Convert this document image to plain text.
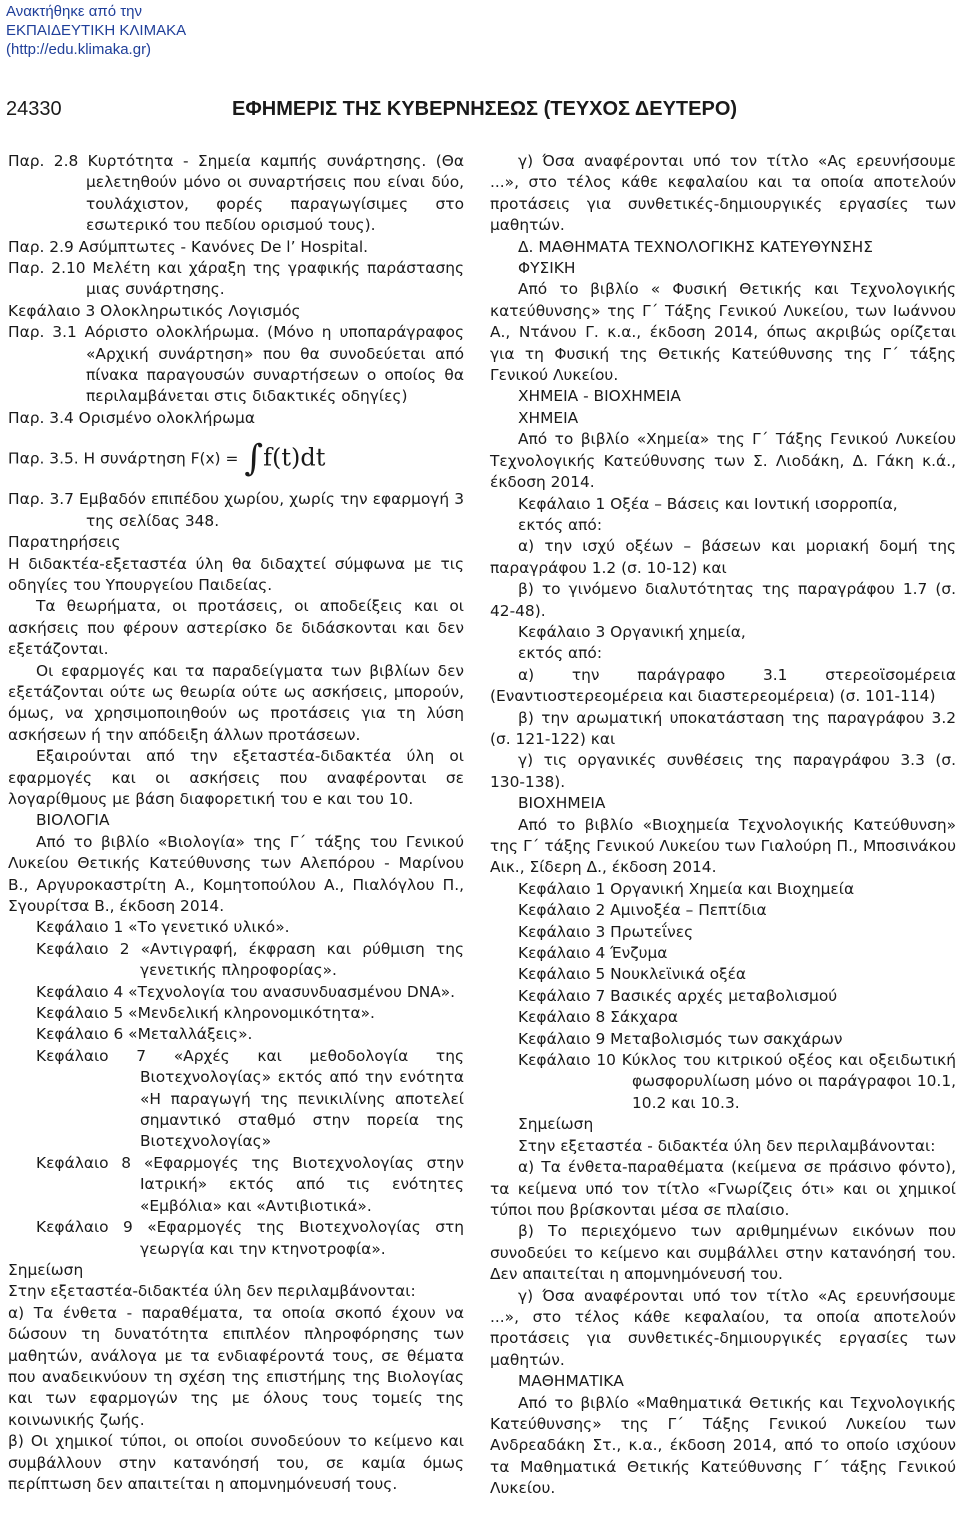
Ανακτήθηκε από την
ΕΚΠΑΙΔΕΥΤΙΚΗ ΚΛΙΜΑΚΑ
(http://edu.klimaka.gr)
24330	ΕΦΗΜΕΡΙΣ ΤΗΣ ΚΥΒΕΡΝΗΣΕΩΣ (ΤΕΥΧΟΣ ΔΕΥΤΕΡΟ)

Παρ. 2.8 Κυρτότητα - Σημεία καμπής συνάρτησης. (Θα μελετηθούν μόνο οι συναρτήσεις που είναι δύο, τουλάχιστον, φορές παραγωγίσιμες στο εσωτερικό του πεδίου ορισμού τους).

Παρ. 2.9 Ασύμπτωτες - Κανόνες De l’ Hospital.

Παρ. 2.10 Μελέτη και χάραξη της γραφικής παράστασης μιας συνάρτησης.

Κεφάλαιο 3 Ολοκληρωτικός Λογισμός

Παρ. 3.1 Αόριστο ολοκλήρωμα. (Μόνο η υποπαράγραφος «Αρχική συνάρτηση» που θα συνοδεύεται από πίνακα παραγουσών συναρτήσεων ο οποίος θα περιλαμβάνεται στις διδακτικές οδηγίες)

Παρ. 3.4 Ορισμένο ολοκλήρωμα

Παρ. 3.5. Η συνάρτηση F(x) = ∫f(t)dt

Παρ. 3.7 Εμβαδόν επιπέδου χωρίου, χωρίς την εφαρμογή 3 της σελίδας 348.

Παρατηρήσεις

Η διδακτέα-εξεταστέα ύλη θα διδαχτεί σύμφωνα με τις οδηγίες του Υπουργείου Παιδείας.

Τα θεωρήματα, οι προτάσεις, οι αποδείξεις και οι ασκήσεις που φέρουν αστερίσκο δε διδάσκονται και δεν εξετάζονται.

Οι εφαρμογές και τα παραδείγματα των βιβλίων δεν εξετάζονται ούτε ως θεωρία ούτε ως ασκήσεις, μπορούν, όμως, να χρησιμοποιηθούν ως προτάσεις για τη λύση ασκήσεων ή την απόδειξη άλλων προτάσεων.

Εξαιρούνται από την εξεταστέα-διδακτέα ύλη οι εφαρμογές και οι ασκήσεις που αναφέρονται σε λογαρίθμους με βάση διαφορετική του e και του 10.

ΒΙΟΛΟΓΙΑ

Από το βιβλίο «Βιολογία» της Γ΄ τάξης του Γενικού Λυκείου Θετικής Κατεύθυνσης των Αλεπόρου - Μαρίνου Β., Αργυροκαστρίτη Α., Κομητοπούλου Α., Πιαλόγλου Π., Σγουρίτσα Β., έκδοση 2014.

Κεφάλαιο 1 «Το γενετικό υλικό».

Κεφάλαιο 2 «Αντιγραφή, έκφραση και ρύθμιση της γενετικής πληροφορίας».

Κεφάλαιο 4 «Τεχνολογία του ανασυνδυασμένου DNA».

Κεφάλαιο 5 «Μενδελική κληρονομικότητα».

Κεφάλαιο 6 «Μεταλλάξεις».

Κεφάλαιο 7 «Αρχές και μεθοδολογία της Βιοτεχνολογίας» εκτός από την ενότητα «Η παραγωγή της πενικιλίνης αποτελεί σημαντικό σταθμό στην πορεία της Βιοτεχνολογίας»

Κεφάλαιο 8 «Εφαρμογές της Βιοτεχνολογίας στην Ιατρική» εκτός από τις ενότητες «Εμβόλια» και «Αντιβιοτικά».

Κεφάλαιο 9 «Εφαρμογές της Βιοτεχνολογίας στη γεωργία και την κτηνοτροφία».

Σημείωση

Στην εξεταστέα-διδακτέα ύλη δεν περιλαμβάνονται:

α) Τα ένθετα - παραθέματα, τα οποία σκοπό έχουν να δώσουν τη δυνατότητα επιπλέον πληροφόρησης των μαθητών, ανάλογα με τα ενδιαφέροντά τους, σε θέματα που αναδεικνύουν τη σχέση της επιστήμης της Βιολογίας και των εφαρμογών της με όλους τους τομείς της κοινωνικής ζωής.

β) Οι χημικοί τύποι, οι οποίοι συνοδεύουν το κείμενο και συμβάλλουν στην κατανόησή του, σε καμία όμως περίπτωση δεν απαιτείται η απομνημόνευσή τους.

γ) Όσα αναφέρονται υπό τον τίτλο «Ας ερευνήσουμε ...», στο τέλος κάθε κεφαλαίου και τα οποία αποτελούν προτάσεις για συνθετικές-δημιουργικές εργασίες των μαθητών.

Δ. ΜΑΘΗΜΑΤΑ ΤΕΧΝΟΛΟΓΙΚΗΣ ΚΑΤΕΥΘΥΝΣΗΣ

ΦΥΣΙΚΗ

Από το βιβλίο « Φυσική Θετικής και Τεχνολογικής κατεύθυνσης» της Γ΄ Τάξης Γενικού Λυκείου, των Ιωάννου Α., Ντάνου Γ. κ.α., έκδοση 2014, όπως ακριβώς ορίζεται για τη Φυσική της Θετικής Κατεύθυνσης της Γ΄ τάξης Γενικού Λυκείου.

ΧΗΜΕΙΑ - ΒΙΟΧΗΜΕΙΑ

ΧΗΜΕΙΑ

Από το βιβλίο «Χημεία» της Γ΄ Τάξης Γενικού Λυκείου Τεχνολογικής Κατεύθυνσης των Σ. Λιοδάκη, Δ. Γάκη κ.ά., έκδοση 2014.

Κεφάλαιο 1 Οξέα – Βάσεις και Ιοντική ισορροπία,

εκτός από:

α) την ισχύ οξέων – βάσεων και μοριακή δομή της παραγράφου 1.2 (σ. 10-12) και

β) το γινόμενο διαλυτότητας της παραγράφου 1.7 (σ. 42-48).

Κεφάλαιο 3 Οργανική χημεία,

εκτός από:

α) την παράγραφο 3.1 στερεοϊσομέρεια (Εναντιοστερεομέρεια και διαστερεομέρεια) (σ. 101-114)

β) την αρωματική υποκατάσταση της παραγράφου 3.2 (σ. 121-122) και

γ) τις οργανικές συνθέσεις της παραγράφου 3.3 (σ. 130-138).

ΒΙΟΧΗΜΕΙΑ

Από το βιβλίο «Βιοχημεία Τεχνολογικής Κατεύθυνση» της Γ΄ τάξης Γενικού Λυκείου των Γιαλούρη Π., Μποσινάκου Αικ., Σίδερη Δ., έκδοση 2014.

Κεφάλαιο 1 Οργανική Χημεία και Βιοχημεία

Κεφάλαιο 2 Αμινοξέα – Πεπτίδια

Κεφάλαιο 3 Πρωτεΐνες

Κεφάλαιο 4 Ένζυμα

Κεφάλαιο 5 Νουκλεϊνικά οξέα

Κεφάλαιο 7 Βασικές αρχές μεταβολισμού

Κεφάλαιο 8 Σάκχαρα

Κεφάλαιο 9 Μεταβολισμός των σακχάρων

Κεφάλαιο 10 Κύκλος του κιτρικού οξέος και οξειδωτική φωσφορυλίωση μόνο οι παράγραφοι 10.1, 10.2 και 10.3.

Σημείωση

Στην εξεταστέα - διδακτέα ύλη δεν περιλαμβάνονται:

α) Τα ένθετα-παραθέματα (κείμενα σε πράσινο φόντο), τα κείμενα υπό τον τίτλο «Γνωρίζεις ότι» και οι χημικοί τύποι που βρίσκονται μέσα σε πλαίσιο.

β) Το περιεχόμενο των αριθμημένων εικόνων που συνοδεύει το κείμενο και συμβάλλει στην κατανόησή του. Δεν απαιτείται η απομνημόνευσή του.

γ) Όσα αναφέρονται υπό τον τίτλο «Ας ερευνήσουμε ...», στο τέλος κάθε κεφαλαίου, τα οποία αποτελούν προτάσεις για συνθετικές-δημιουργικές εργασίες των μαθητών.

ΜΑΘΗΜΑΤΙΚΑ

Από το βιβλίο «Μαθηματικά Θετικής και Τεχνολογικής Κατεύθυνσης» της Γ΄ Τάξης Γενικού Λυκείου των Ανδρεαδάκη Στ., κ.α., έκδοση 2014, από το οποίο ισχύουν τα Μαθηματικά Θετικής Κατεύθυνσης Γ΄ τάξης Γενικού Λυκείου.
